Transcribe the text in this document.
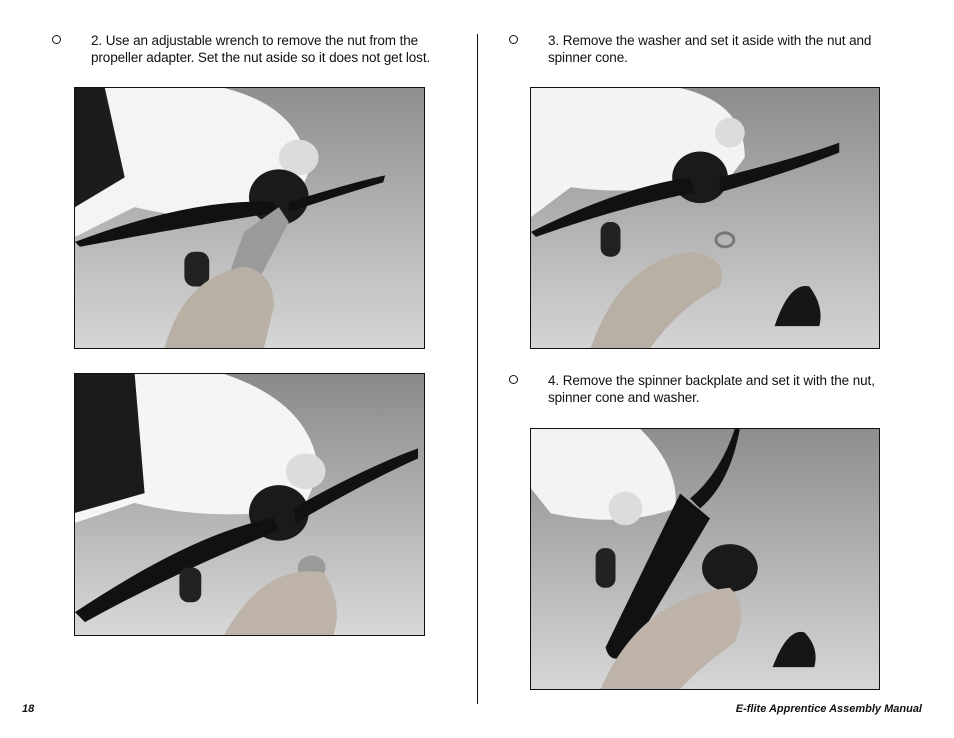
2. Use an adjustable wrench to remove the nut from the
propeller adapter. Set the nut aside so it does not get lost.
3. Remove the washer and set it aside with the nut and
spinner cone.
4. Remove the spinner backplate and set it with the nut,
spinner cone and washer.
18	E-flite Apprentice Assembly Manual
